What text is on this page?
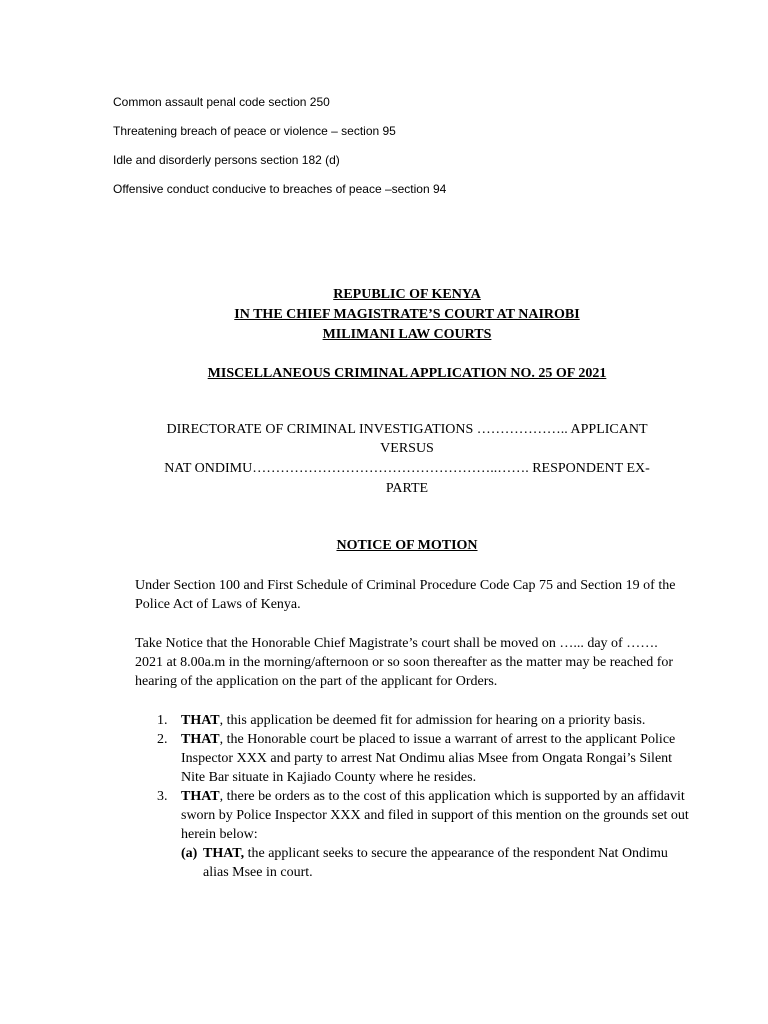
Common assault penal code section 250
Threatening breach of peace or violence – section 95
Idle and disorderly persons section 182 (d)
Offensive conduct conducive to breaches of peace –section 94
REPUBLIC OF KENYA
IN THE CHIEF MAGISTRATE’S COURT AT NAIROBI
MILIMANI LAW COURTS
MISCELLANEOUS CRIMINAL APPLICATION NO. 25 OF 2021
DIRECTORATE OF CRIMINAL INVESTIGATIONS ……………….. APPLICANT
VERSUS
NAT ONDIMU……………………………………………..……. RESPONDENT EX-
PARTE
NOTICE OF MOTION
Under Section 100 and First Schedule of Criminal Procedure Code Cap 75 and Section 19 of the Police Act of Laws of Kenya.
Take Notice that the Honorable Chief Magistrate’s court shall be moved on …... day of ……. 2021 at 8.00a.m in the morning/afternoon or so soon thereafter as the matter may be reached for hearing of the application on the part of the applicant for Orders.
1. THAT, this application be deemed fit for admission for hearing on a priority basis.
2. THAT, the Honorable court be placed to issue a warrant of arrest to the applicant Police Inspector XXX and party to arrest Nat Ondimu alias Msee from Ongata Rongai’s Silent Nite Bar situate in Kajiado County where he resides.
3. THAT, there be orders as to the cost of this application which is supported by an affidavit sworn by Police Inspector XXX and filed in support of this mention on the grounds set out herein below:
(a) THAT, the applicant seeks to secure the appearance of the respondent Nat Ondimu alias Msee in court.
